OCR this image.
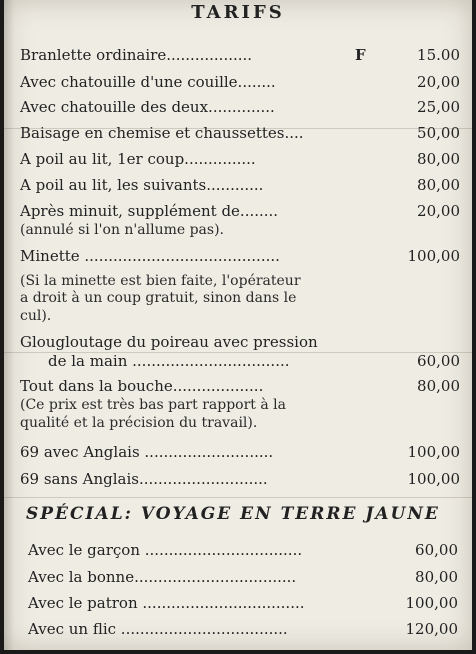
TARIFS
Branlette ordinaire..................	F	15.00
Avec chatouille d'une couille........	20,00
Avec chatouille des deux..............	25,00
Baisage en chemise et chaussettes....	50,00
A poil au lit, 1er coup...............	80,00
A poil au lit, les suivants............	80,00
Après minuit, supplément de........	20,00
(annulé si l'on n'allume pas).
Minette .........................................	100,00
(Si la minette est bien faite, l'opérateur
a droit à un coup gratuit, sinon dans le
cul).
Glougloutage du poireau avec pression
de la main .................................	60,00
Tout dans la bouche...................	80,00
(Ce prix est très bas part rapport à la
qualité et la précision du travail).
69 avec Anglais ...........................	100,00
69 sans Anglais...........................	100,00
SPÉCIAL: VOYAGE EN TERRE JAUNE
Avec le garçon .................................	60,00
Avec la bonne..................................	80,00
Avec le patron ..................................	100,00
Avec un flic ...................................	120,00
